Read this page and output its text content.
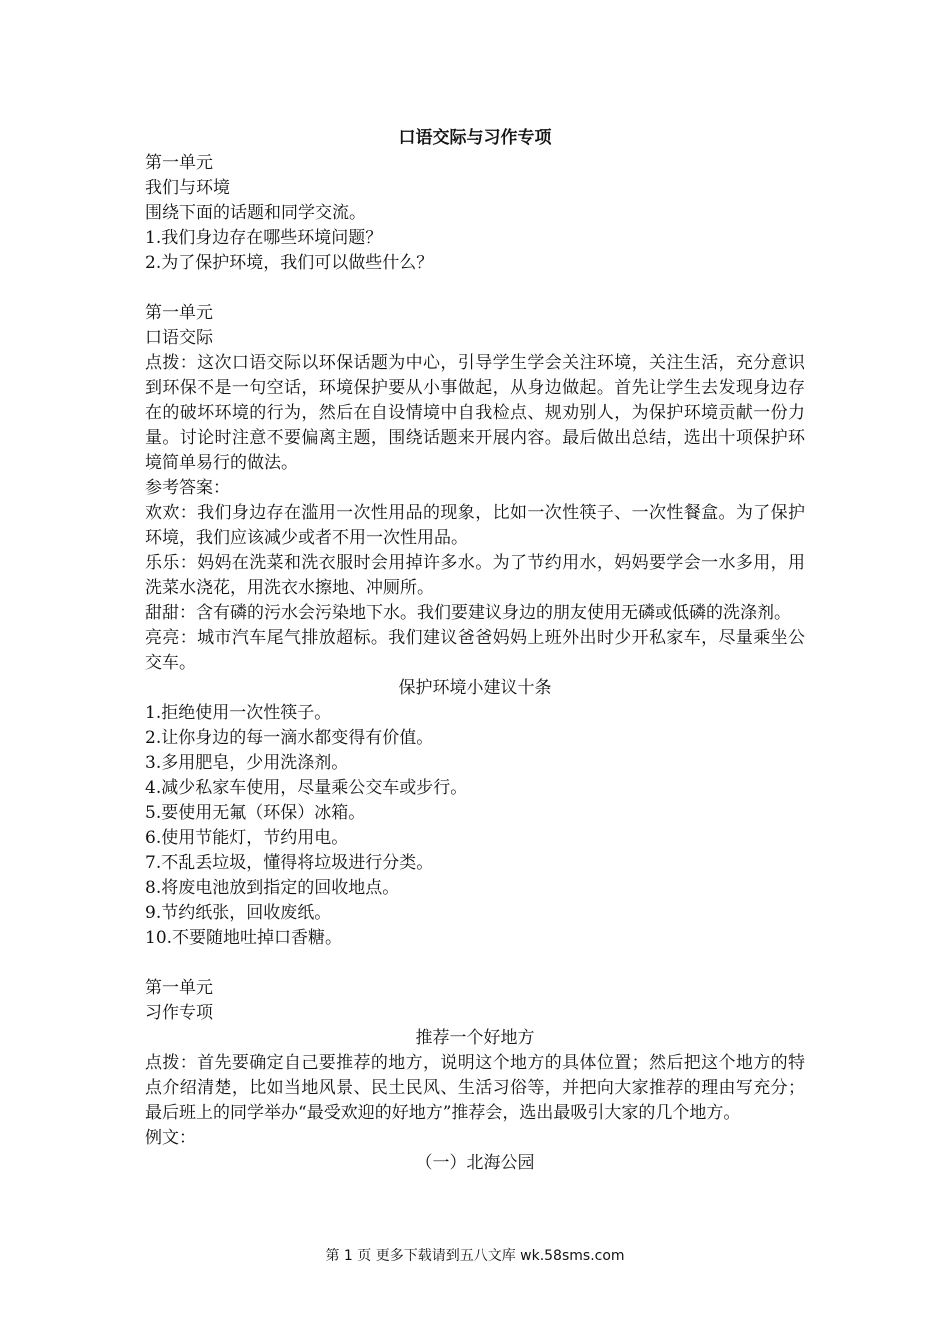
口语交际与习作专项
第一单元
我们与环境
围绕下面的话题和同学交流。
1.我们身边存在哪些环境问题？
2.为了保护环境，我们可以做些什么？
第一单元
口语交际
点拨：这次口语交际以环保话题为中心，引导学生学会关注环境，关注生活，充分意识到环保不是一句空话，环境保护要从小事做起，从身边做起。首先让学生去发现身边存在的破坏环境的行为，然后在自设情境中自我检点、规劝别人，为保护环境贡献一份力量。讨论时注意不要偏离主题，围绕话题来开展内容。最后做出总结，选出十项保护环境简单易行的做法。
参考答案：
欢欢：我们身边存在滥用一次性用品的现象，比如一次性筷子、一次性餐盒。为了保护环境，我们应该减少或者不用一次性用品。
乐乐：妈妈在洗菜和洗衣服时会用掉许多水。为了节约用水，妈妈要学会一水多用，用洗菜水浇花，用洗衣水擦地、冲厕所。
甜甜：含有磷的污水会污染地下水。我们要建议身边的朋友使用无磷或低磷的洗涤剂。
亮亮：城市汽车尾气排放超标。我们建议爸爸妈妈上班外出时少开私家车，尽量乘坐公交车。
保护环境小建议十条
1.拒绝使用一次性筷子。
2.让你身边的每一滴水都变得有价值。
3.多用肥皂，少用洗涤剂。
4.减少私家车使用，尽量乘公交车或步行。
5.要使用无氟（环保）冰箱。
6.使用节能灯，节约用电。
7.不乱丢垃圾，懂得将垃圾进行分类。
8.将废电池放到指定的回收地点。
9.节约纸张，回收废纸。
10.不要随地吐掉口香糖。
第一单元
习作专项
推荐一个好地方
点拨：首先要确定自己要推荐的地方，说明这个地方的具体位置；然后把这个地方的特点介绍清楚，比如当地风景、民土民风、生活习俗等，并把向大家推荐的理由写充分；最后班上的同学举办“最受欢迎的好地方”推荐会，选出最吸引大家的几个地方。
例文：
（一）北海公园
第 1 页 更多下载请到五八文库 wk.58sms.com
